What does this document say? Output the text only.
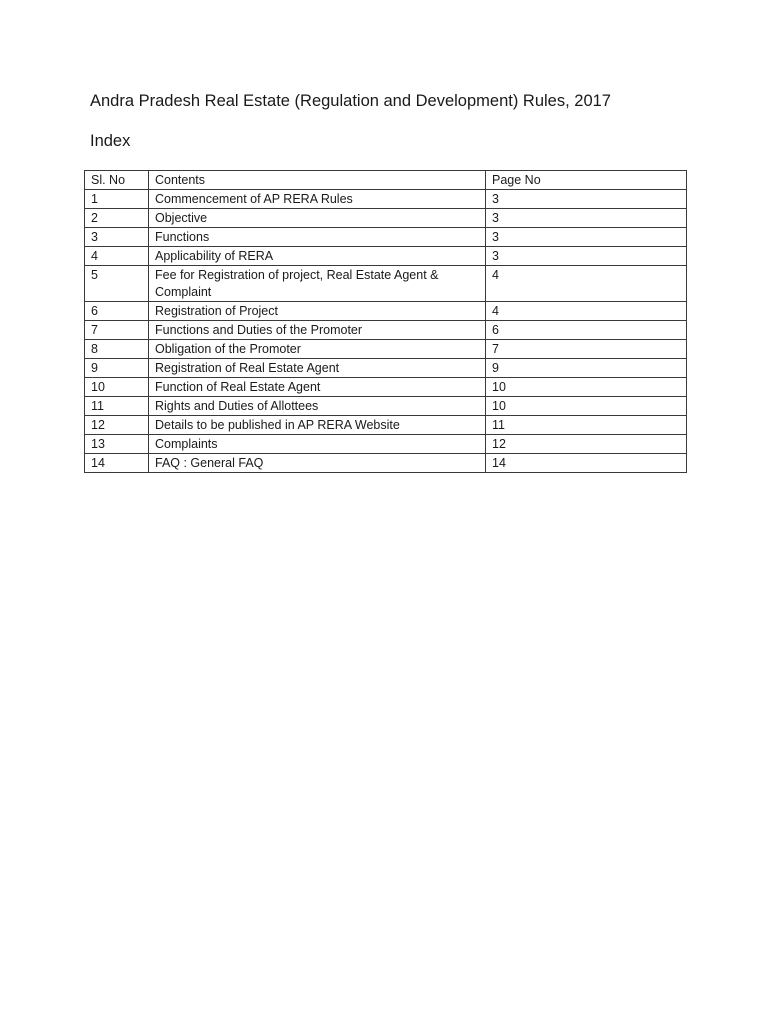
Andra Pradesh Real Estate (Regulation and Development) Rules, 2017
Index
Sl. No	Contents	Page No
1	Commencement of AP RERA Rules	3
2	Objective	3
3	Functions	3
4	Applicability of RERA	3
5	Fee for Registration of project, Real Estate Agent &
Complaint	4
6	Registration of Project	4
7	Functions and Duties of the Promoter	6
8	Obligation of the Promoter	7
9	Registration of Real Estate Agent	9
10	Function of Real Estate Agent	10
11	Rights and Duties of Allottees	10
12	Details to be published in AP RERA Website	11
13	Complaints	12
14	FAQ : General FAQ	14
